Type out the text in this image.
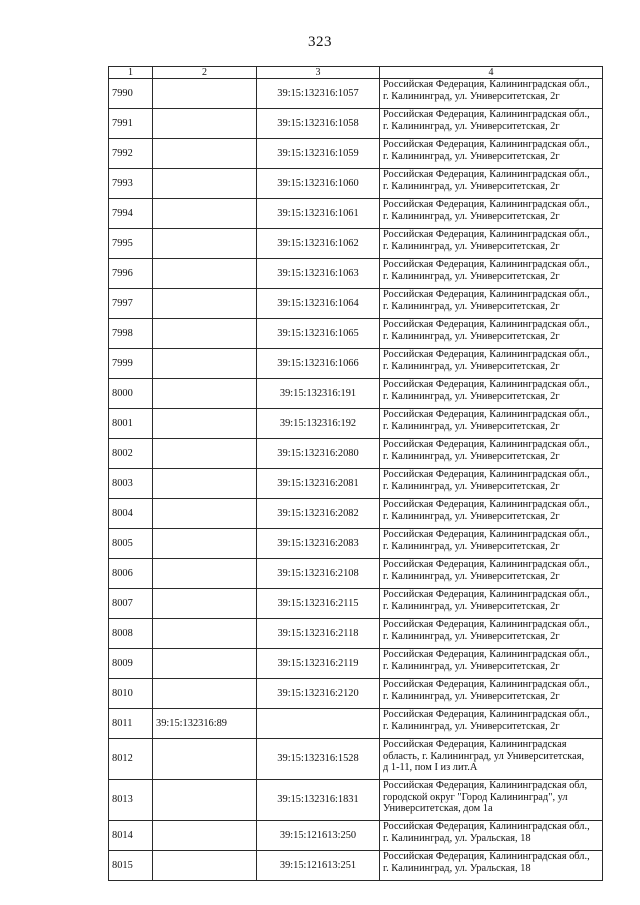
323
1	2	3	4
7990		39:15:132316:1057	Российская Федерация, Калининградская обл.,
г. Калининград, ул. Университетская, 2г

7991		39:15:132316:1058	Российская Федерация, Калининградская обл.,
г. Калининград, ул. Университетская, 2г

7992		39:15:132316:1059	Российская Федерация, Калининградская обл.,
г. Калининград, ул. Университетская, 2г

7993		39:15:132316:1060	Российская Федерация, Калининградская обл.,
г. Калининград, ул. Университетская, 2г

7994		39:15:132316:1061	Российская Федерация, Калининградская обл.,
г. Калининград, ул. Университетская, 2г

7995		39:15:132316:1062	Российская Федерация, Калининградская обл.,
г. Калининград, ул. Университетская, 2г

7996		39:15:132316:1063	Российская Федерация, Калининградская обл.,
г. Калининград, ул. Университетская, 2г

7997		39:15:132316:1064	Российская Федерация, Калининградская обл.,
г. Калининград, ул. Университетская, 2г

7998		39:15:132316:1065	Российская Федерация, Калининградская обл.,
г. Калининград, ул. Университетская, 2г

7999		39:15:132316:1066	Российская Федерация, Калининградская обл.,
г. Калининград, ул. Университетская, 2г

8000		39:15:132316:191	Российская Федерация, Калининградская обл.,
г. Калининград, ул. Университетская, 2г

8001		39:15:132316:192	Российская Федерация, Калининградская обл.,
г. Калининград, ул. Университетская, 2г

8002		39:15:132316:2080	Российская Федерация, Калининградская обл.,
г. Калининград, ул. Университетская, 2г

8003		39:15:132316:2081	Российская Федерация, Калининградская обл.,
г. Калининград, ул. Университетская, 2г

8004		39:15:132316:2082	Российская Федерация, Калининградская обл.,
г. Калининград, ул. Университетская, 2г

8005		39:15:132316:2083	Российская Федерация, Калининградская обл.,
г. Калининград, ул. Университетская, 2г

8006		39:15:132316:2108	Российская Федерация, Калининградская обл.,
г. Калининград, ул. Университетская, 2г

8007		39:15:132316:2115	Российская Федерация, Калининградская обл.,
г. Калининград, ул. Университетская, 2г

8008		39:15:132316:2118	Российская Федерация, Калининградская обл.,
г. Калининград, ул. Университетская, 2г

8009		39:15:132316:2119	Российская Федерация, Калининградская обл.,
г. Калининград, ул. Университетская, 2г

8010		39:15:132316:2120	Российская Федерация, Калининградская обл.,
г. Калининград, ул. Университетская, 2г

8011	39:15:132316:89		Российская Федерация, Калининградская обл.,
г. Калининград, ул. Университетская, 2г

8012		39:15:132316:1528	Российская Федерация, Калининградская
область, г. Калининград, ул Университетская,
д 1-11, пом I из лит.А

8013		39:15:132316:1831	Российская Федерация, Калининградская обл,
городской округ "Город Калининград", ул
Университетская, дом 1а

8014		39:15:121613:250	Российская Федерация, Калининградская обл.,
г. Калининград, ул. Уральская, 18

8015		39:15:121613:251	Российская Федерация, Калининградская обл.,
г. Калининград, ул. Уральская, 18
